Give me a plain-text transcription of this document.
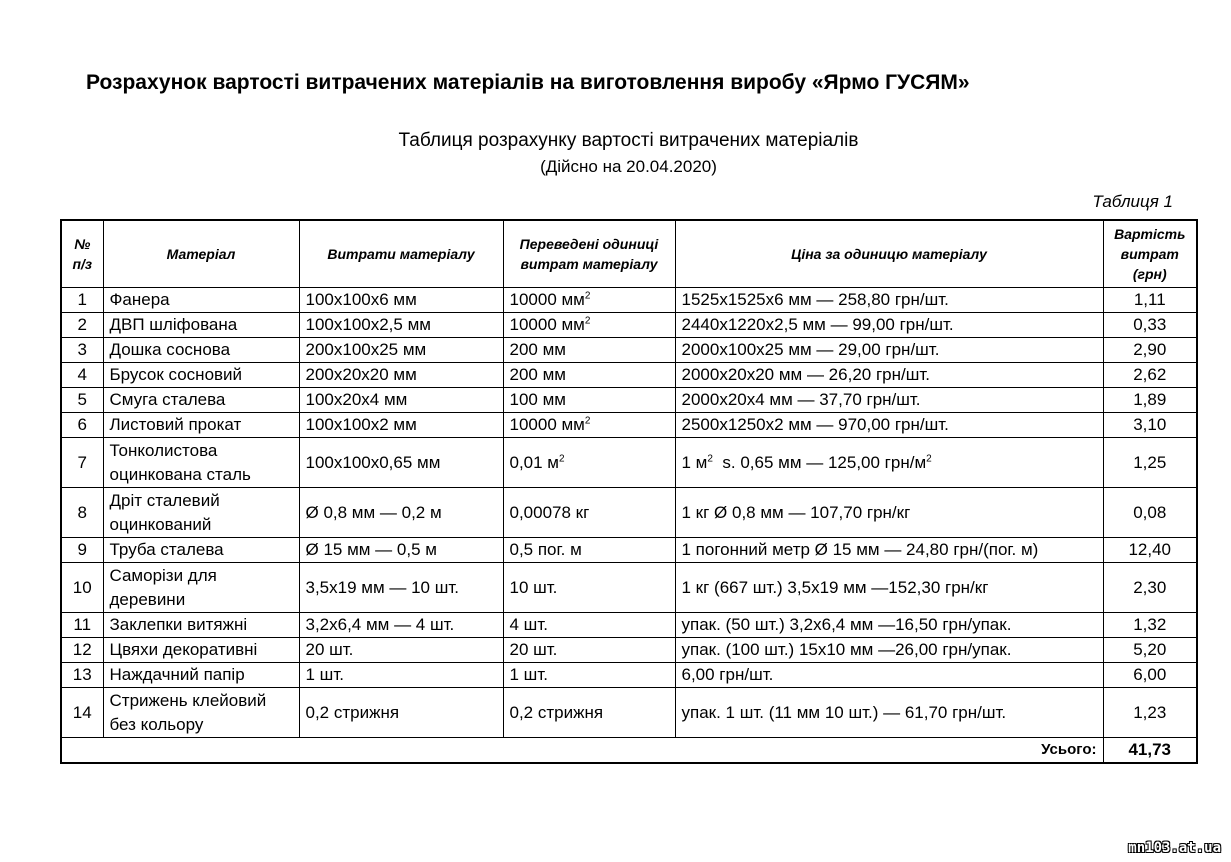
Розрахунок вартості витрачених матеріалів на виготовлення виробу «Ярмо ГУСЯМ»
Таблиця розрахунку вартості витрачених матеріалів
(Дійсно на 20.04.2020)
Таблиця 1
№ п/з	Матеріал	Витрати матеріалу	Переведені одиниці витрат матеріалу	Ціна за одиницю матеріалу	Вартість витрат (грн)
1	Фанера	100х100х6 мм	10000 $мм^2$	1525х1525х6 мм — 258,80 грн/шт.	1,11
2	ДВП шліфована	100х100х2,5 мм	10000 $мм^2$	2440х1220х2,5 мм — 99,00 грн/шт.	0,33
3	Дошка соснова	200х100х25 мм	200 мм	2000х100х25 мм — 29,00 грн/шт.	2,90
4	Брусок сосновий	200х20х20 мм	200 мм	2000х20х20 мм — 26,20 грн/шт.	2,62
5	Смуга сталева	100х20х4 мм	100 мм	2000х20х4 мм — 37,70 грн/шт.	1,89
6	Листовий прокат	100х100х2 мм	10000 $мм^2$	2500х1250х2 мм — 970,00 грн/шт.	3,10
7	Тонколистова оцинкована сталь	100х100х0,65 мм	0,01 $м^2$	1 $м^2$  s. 0,65 мм — 125,00 грн/$м^2$	1,25
8	Дріт сталевий оцинкований	Ø 0,8 мм — 0,2 м	0,00078 кг	1 кг Ø 0,8 мм — 107,70 грн/кг	0,08
9	Труба сталева	Ø 15 мм — 0,5 м	0,5 пог. м	1 погонний метр Ø 15 мм — 24,80 грн/(пог. м)	12,40
10	Саморізи для деревини	3,5х19 мм — 10 шт.	10 шт.	1 кг (667 шт.) 3,5х19 мм —152,30 грн/кг	2,30
11	Заклепки витяжні	3,2х6,4 мм — 4 шт.	4 шт.	упак. (50 шт.) 3,2х6,4 мм —16,50 грн/упак.	1,32
12	Цвяхи декоративні	20 шт.	20 шт.	упак. (100 шт.) 15х10 мм —26,00 грн/упак.	5,20
13	Наждачний папір	1 шт.	1 шт.	6,00 грн/шт.	6,00
14	Стрижень клейовий без кольору	0,2 стрижня	0,2 стрижня	упак. 1 шт. (11 мм 10 шт.) — 61,70 грн/шт.	1,23
Усього:					41,73
mn103.at.ua
